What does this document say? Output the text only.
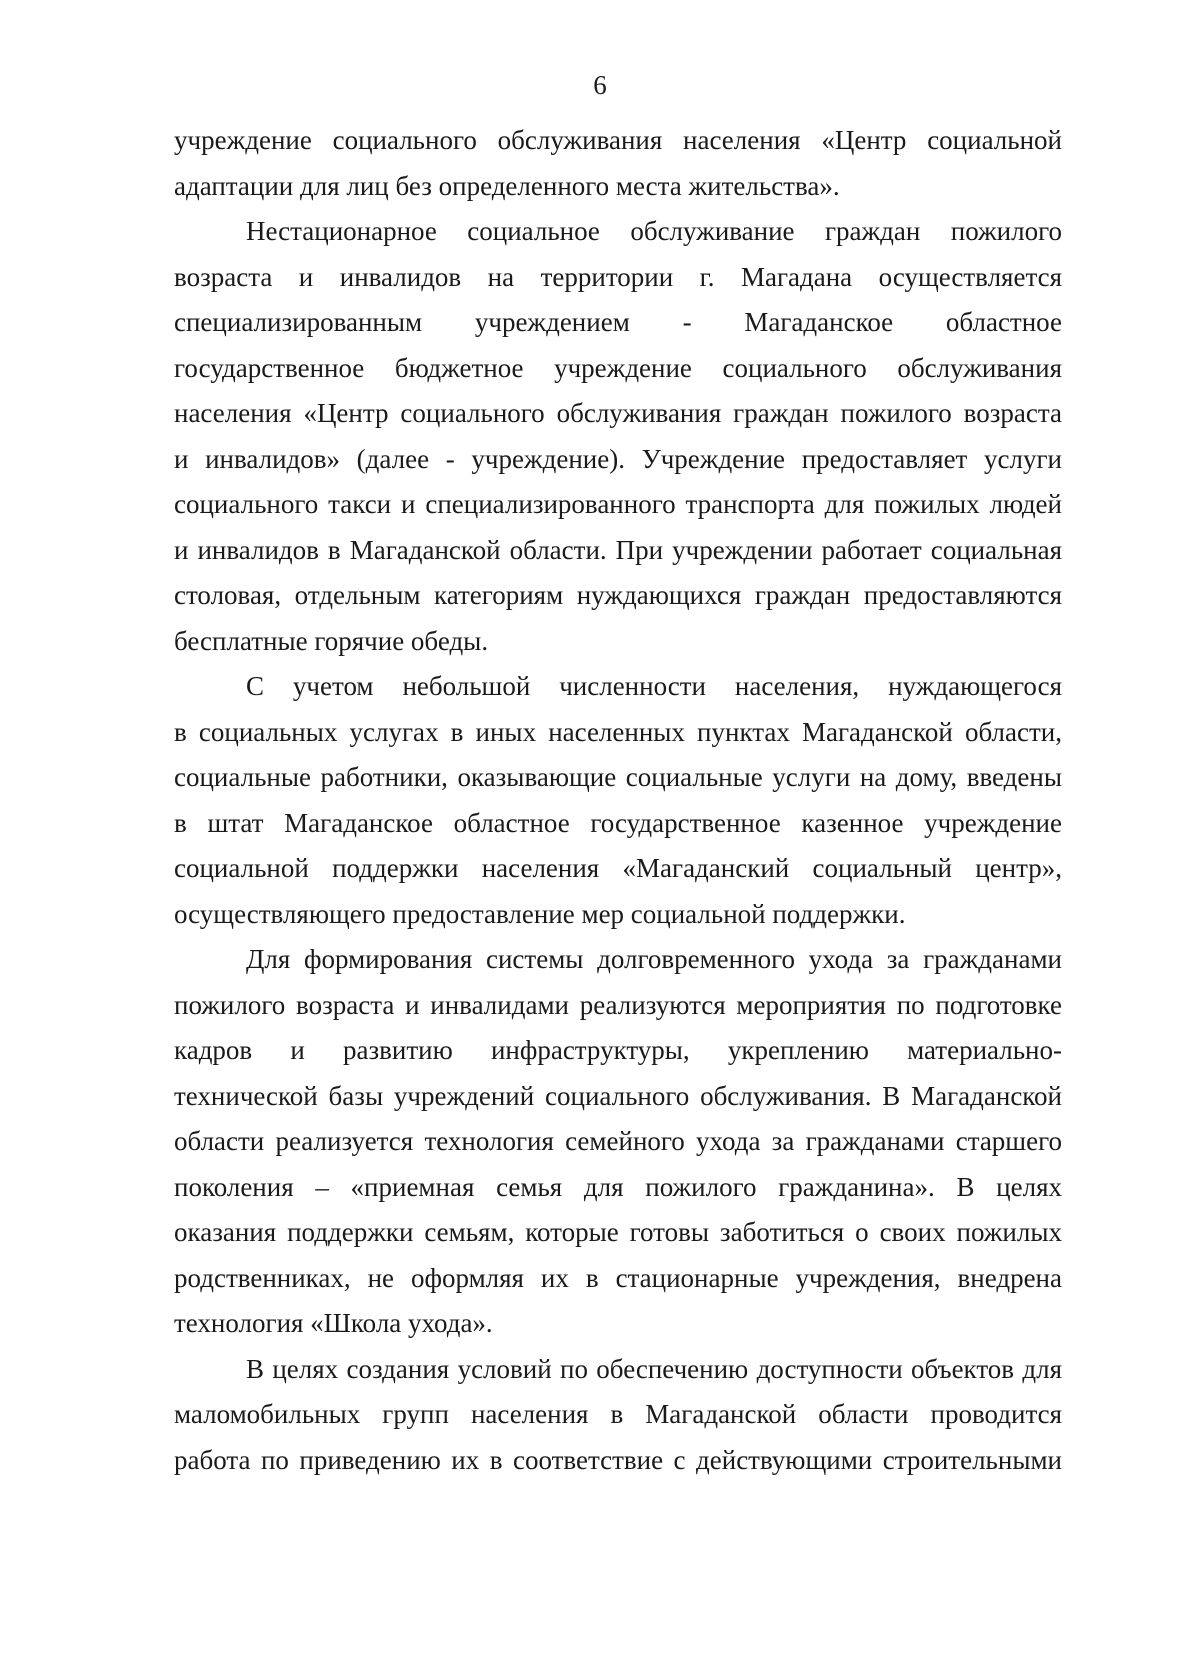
6

учреждение социального обслуживания населения «Центр социальной
адаптации для лиц без определенного места жительства».

Нестационарное социальное обслуживание граждан пожилого
возраста и инвалидов на территории г. Магадана осуществляется
специализированным учреждением - Магаданское областное
государственное бюджетное учреждение социального обслуживания
населения «Центр социального обслуживания граждан пожилого возраста
и инвалидов» (далее - учреждение). Учреждение предоставляет услуги
социального такси и специализированного транспорта для пожилых людей
и инвалидов в Магаданской области. При учреждении работает социальная
столовая, отдельным категориям нуждающихся граждан предоставляются
бесплатные горячие обеды.

С учетом небольшой численности населения, нуждающегося
в социальных услугах в иных населенных пунктах Магаданской области,
социальные работники, оказывающие социальные услуги на дому, введены
в штат Магаданское областное государственное казенное учреждение
социальной поддержки населения «Магаданский социальный центр»,
осуществляющего предоставление мер социальной поддержки.

Для формирования системы долговременного ухода за гражданами
пожилого возраста и инвалидами реализуются мероприятия по подготовке
кадров и развитию инфраструктуры, укреплению материально-
технической базы учреждений социального обслуживания. В Магаданской
области реализуется технология семейного ухода за гражданами старшего
поколения – «приемная семья для пожилого гражданина». В целях
оказания поддержки семьям, которые готовы заботиться о своих пожилых
родственниках, не оформляя их в стационарные учреждения, внедрена
технология «Школа ухода».

В целях создания условий по обеспечению доступности объектов для
маломобильных групп населения в Магаданской области проводится
работа по приведению их в соответствие с действующими строительными
